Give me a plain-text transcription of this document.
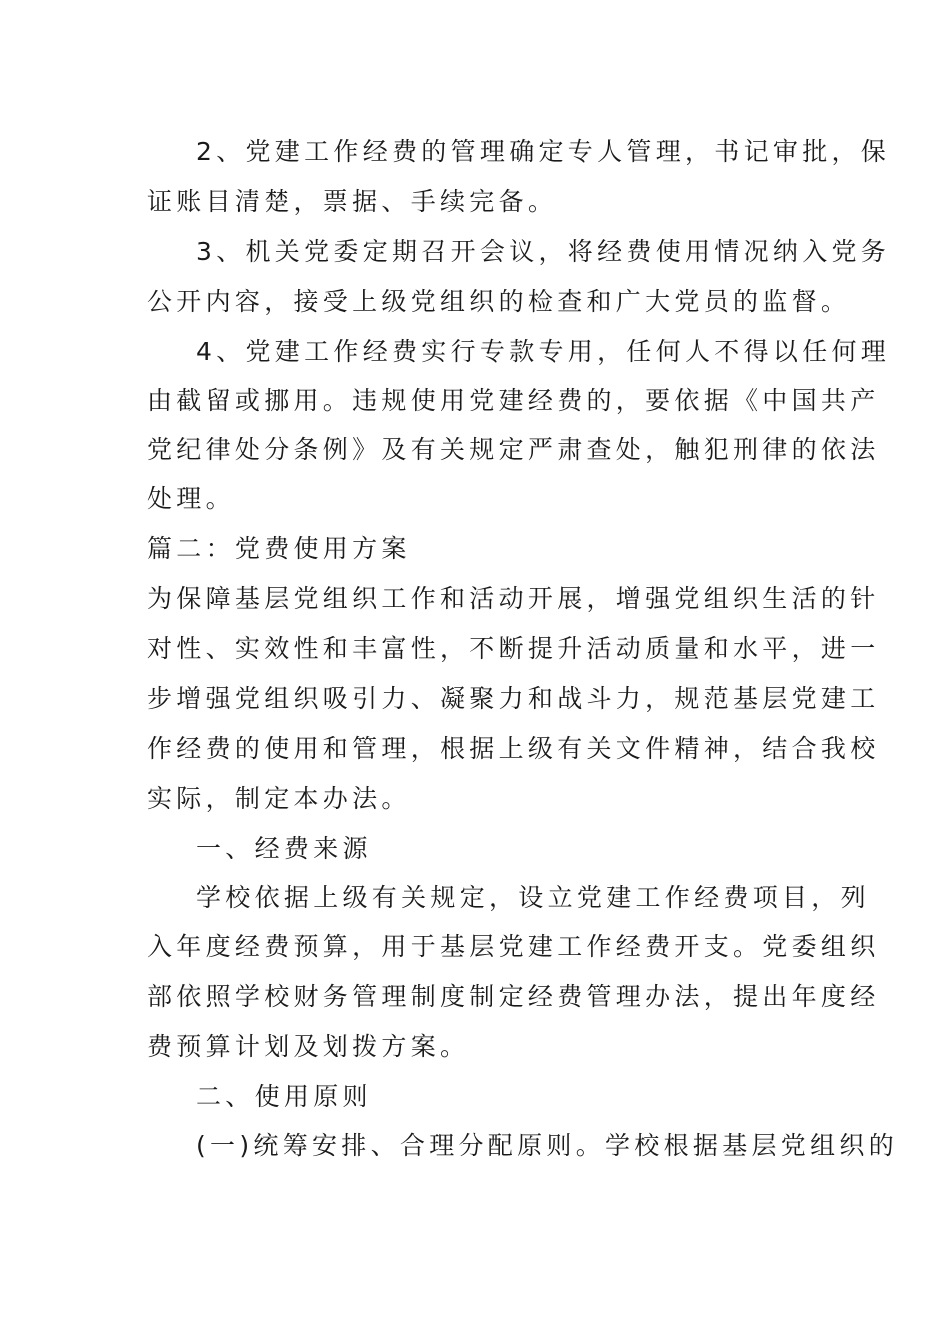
2、党建工作经费的管理确定专人管理，书记审批，保
证账目清楚，票据、手续完备。
3、机关党委定期召开会议，将经费使用情况纳入党务
公开内容，接受上级党组织的检查和广大党员的监督。
4、党建工作经费实行专款专用，任何人不得以任何理
由截留或挪用。违规使用党建经费的，要依据《中国共产
党纪律处分条例》及有关规定严肃查处，触犯刑律的依法
处理。
篇二：党费使用方案
为保障基层党组织工作和活动开展，增强党组织生活的针
对性、实效性和丰富性，不断提升活动质量和水平，进一
步增强党组织吸引力、凝聚力和战斗力，规范基层党建工
作经费的使用和管理，根据上级有关文件精神，结合我校
实际，制定本办法。
一、经费来源
学校依据上级有关规定，设立党建工作经费项目，列
入年度经费预算，用于基层党建工作经费开支。党委组织
部依照学校财务管理制度制定经费管理办法，提出年度经
费预算计划及划拨方案。
二、使用原则
(一)统筹安排、合理分配原则。学校根据基层党组织的
